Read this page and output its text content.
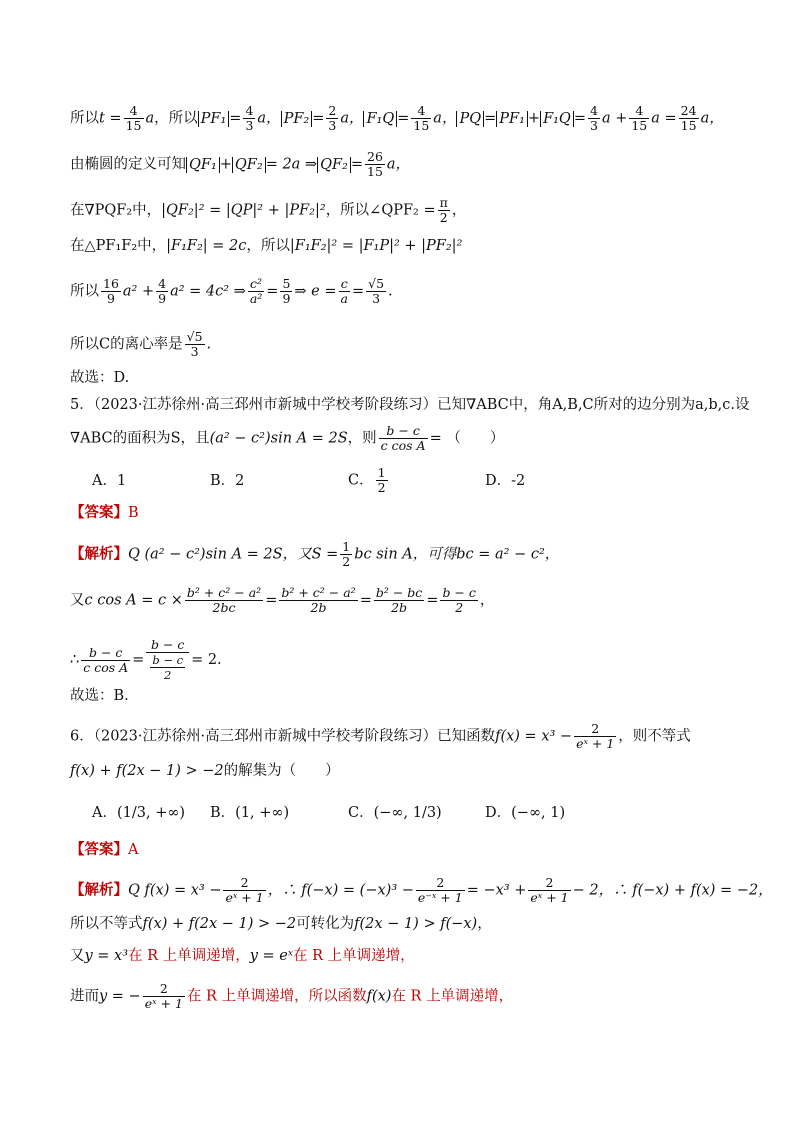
所以$t = \frac{4}{15}$ a，所以 $PF_1 = \frac{4}{3}$ a， $PF_2 = \frac{2}{3}$ a， $F_1Q = \frac{4}{15}$ a， PQ = $PF_1 + F_1Q = \frac{4}{3}$ $a + \frac{4}{15}$ $a = \frac{24}{15}$ a，
由椭圆的定义可知 QF₁ + QF₂ = 2a ⇒ $QF_2 = \frac{26}{15}$ a，
在∇PQF₂中，|QF₂|² = |QP|² + |PF₂|²，所以∠QPF₂ = $\frac{\pi}{2}$ ，
在△PF₁F₂中，|F₁F₂| = 2c，所以|F₁F₂|² = |F₁P|² + |PF₂|²
所以 $\frac{16}{9} a^2 + \frac{4}{9} a^2 = 4c^2$ ⇒ $\frac{\text{c²}}{\text{a²}} = \frac{5}{9}$ ⇒ $e = \frac{c}{a} = \frac{√5}{3}$ .
所以C的离心率是 $\frac{√5}{3}$ .
故选：D.
5．（2023·江苏徐州·高三邳州市新城中学校考阶段练习）已知∇ABC中，角A,B,C所对的边分别为a,b,c.设
∇ABC的面积为S，且(a² − c²)sin A = 2S，则 $\frac{b - c}{\text{c cos A}}$ = （　　）
A．1	B．2	C． $\frac{1}{2}$	D．-2
【答案】B
【解析】Q (a² − c²)sin A = 2S，又$S = \frac{1}{2}$ bc sin A，可得bc = a² − c²，
又c $\cos A = c \times \frac{\text{b² + c² − a²}}{2bc} = \frac{\text{b² + c² − a²}}{2b} = \frac{\text{b² − bc}}{2b} = \frac{b - c}{2}$ ，
∴ $\frac{b - c}{\text{c cos A}} = \frac{b - c}{\frac{b - c}{2}} = 2$.
故选：B.
6．（2023·江苏徐州·高三邳州市新城中学校考阶段练习）已知函数$f(x) = x^3 - \frac{2}{\text{eˣ + 1}}$ ，则不等式
f(x) + f(2x − 1) > −2的解集为（　　）
A．(1/3, +∞) B．(1, +∞)	C．(−∞, 1/3)	D．(−∞, 1)
【答案】A
【解析】Q $f(x) = x^3 - \frac{2}{\text{eˣ + 1}}$ ，∴ $f(-x) = (-x)^3 - \frac{2}{\text{e⁻ˣ + 1}} = -x^3 + \frac{2}{\text{eˣ + 1}} - 2$，∴ f(−x) + f(x) = −2，
所以不等式f(x) + f(2x − 1) > −2可转化为f(2x − 1) > f(−x)，
又y = x³在 R 上单调递增，y = eˣ在 R 上单调递增，
进而y = − $\frac{2}{\text{eˣ + 1}}$ 在 R 上单调递增，所以函数f(x)在 R 上单调递增，
